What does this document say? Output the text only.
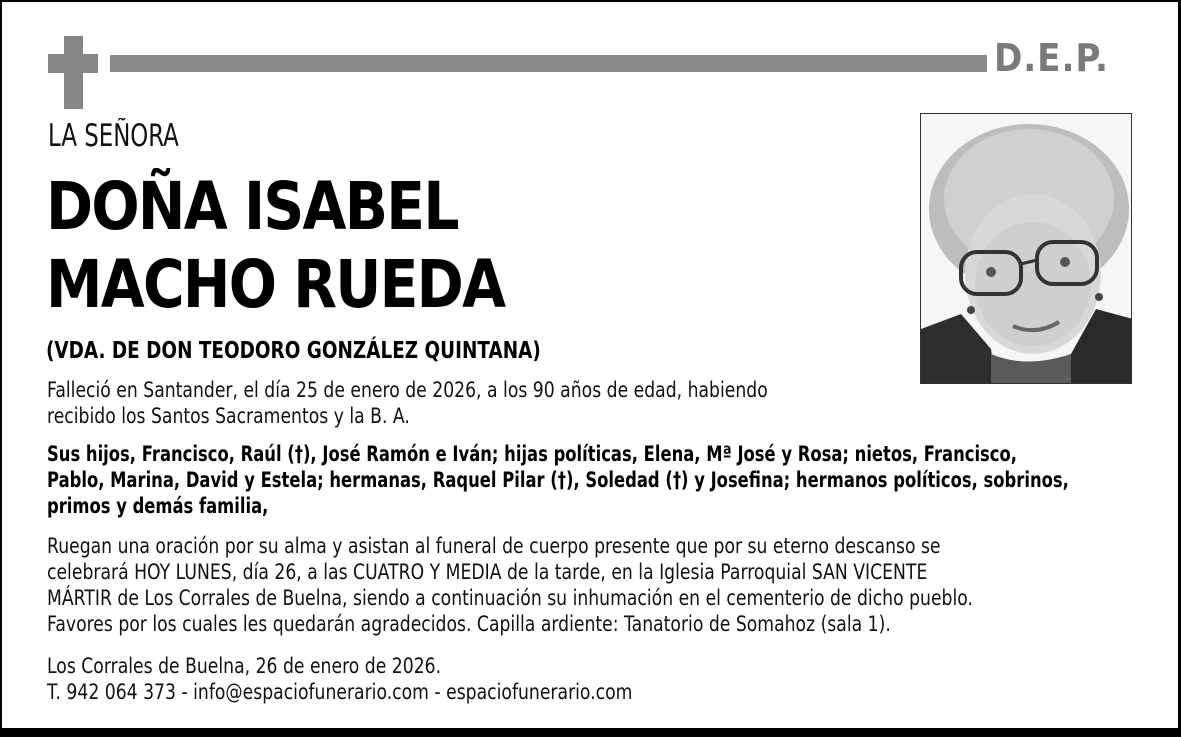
D.E.P.
LA SEÑORA
DOÑA ISABEL
MACHO RUEDA
(VDA. DE DON TEODORO GONZÁLEZ QUINTANA)
Falleció en Santander, el día 25 de enero de 2026, a los 90 años de edad, habiendo
recibido los Santos Sacramentos y la B. A.
Sus hijos, Francisco, Raúl (†), José Ramón e Iván; hijas políticas, Elena, Mª José y Rosa; nietos, Francisco,
Pablo, Marina, David y Estela; hermanas, Raquel Pilar (†), Soledad (†) y Josefina; hermanos políticos, sobrinos,
primos y demás familia,
Ruegan una oración por su alma y asistan al funeral de cuerpo presente que por su eterno descanso se
celebrará HOY LUNES, día 26, a las CUATRO Y MEDIA de la tarde, en la Iglesia Parroquial SAN VICENTE
MÁRTIR de Los Corrales de Buelna, siendo a continuación su inhumación en el cementerio de dicho pueblo.
Favores por los cuales les quedarán agradecidos. Capilla ardiente: Tanatorio de Somahoz (sala 1).
Los Corrales de Buelna, 26 de enero de 2026.
T. 942 064 373 - info@espaciofunerario.com - espaciofunerario.com
